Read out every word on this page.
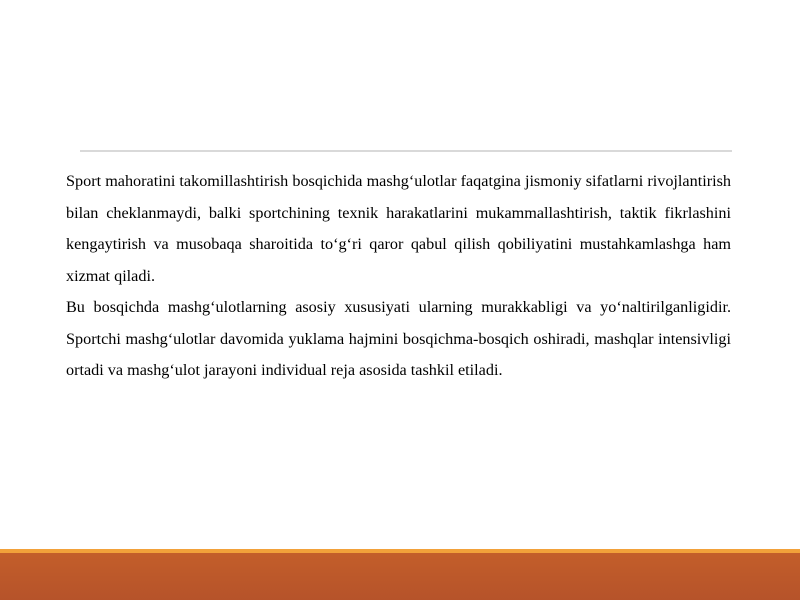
Sport mahoratini takomillashtirish bosqichida mashg‘ulotlar faqatgina jismoniy sifatlarni rivojlantirish bilan cheklanmaydi, balki sportchining texnik harakatlarini mukammallashtirish, taktik fikrlashini kengaytirish va musobaqa sharoitida to‘g‘ri qaror qabul qilish qobiliyatini mustahkamlashga ham xizmat qiladi.

Bu bosqichda mashg‘ulotlarning asosiy xususiyati ularning murakkabligi va yo‘naltirilganligidir. Sportchi mashg‘ulotlar davomida yuklama hajmini bosqichma-bosqich oshiradi, mashqlar intensivligi ortadi va mashg‘ulot jarayoni individual reja asosida tashkil etiladi.
